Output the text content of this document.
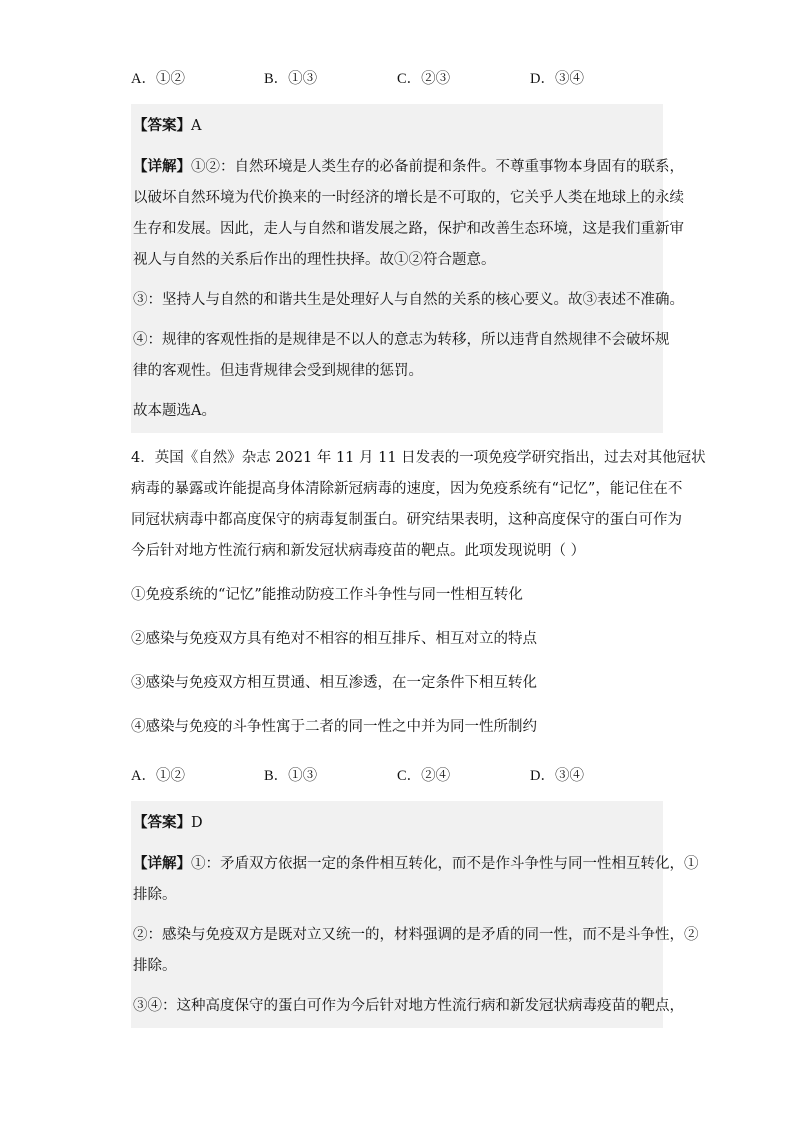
A．①②	B．①③	C．②③	D．③④
【答案】A
【详解】①②：自然环境是人类生存的必备前提和条件。不尊重事物本身固有的联系，
以破坏自然环境为代价换来的一时经济的增长是不可取的，它关乎人类在地球上的永续
生存和发展。因此，走人与自然和谐发展之路，保护和改善生态环境，这是我们重新审
视人与自然的关系后作出的理性抉择。故①②符合题意。
③：坚持人与自然的和谐共生是处理好人与自然的关系的核心要义。故③表述不准确。
④：规律的客观性指的是规律是不以人的意志为转移，所以违背自然规律不会破坏规
律的客观性。但违背规律会受到规律的惩罚。
故本题选A。
4．英国《自然》杂志 2021 年 11 月 11 日发表的一项免疫学研究指出，过去对其他冠状
病毒的暴露或许能提高身体清除新冠病毒的速度，因为免疫系统有“记忆”，能记住在不
同冠状病毒中都高度保守的病毒复制蛋白。研究结果表明，这种高度保守的蛋白可作为
今后针对地方性流行病和新发冠状病毒疫苗的靶点。此项发现说明（ ）
①免疫系统的“记忆”能推动防疫工作斗争性与同一性相互转化
②感染与免疫双方具有绝对不相容的相互排斥、相互对立的特点
③感染与免疫双方相互贯通、相互渗透，在一定条件下相互转化
④感染与免疫的斗争性寓于二者的同一性之中并为同一性所制约
A．①②	B．①③	C．②④	D．③④
【答案】D
【详解】①：矛盾双方依据一定的条件相互转化，而不是作斗争性与同一性相互转化，①
排除。
②：感染与免疫双方是既对立又统一的，材料强调的是矛盾的同一性，而不是斗争性，②
排除。
③④：这种高度保守的蛋白可作为今后针对地方性流行病和新发冠状病毒疫苗的靶点，
